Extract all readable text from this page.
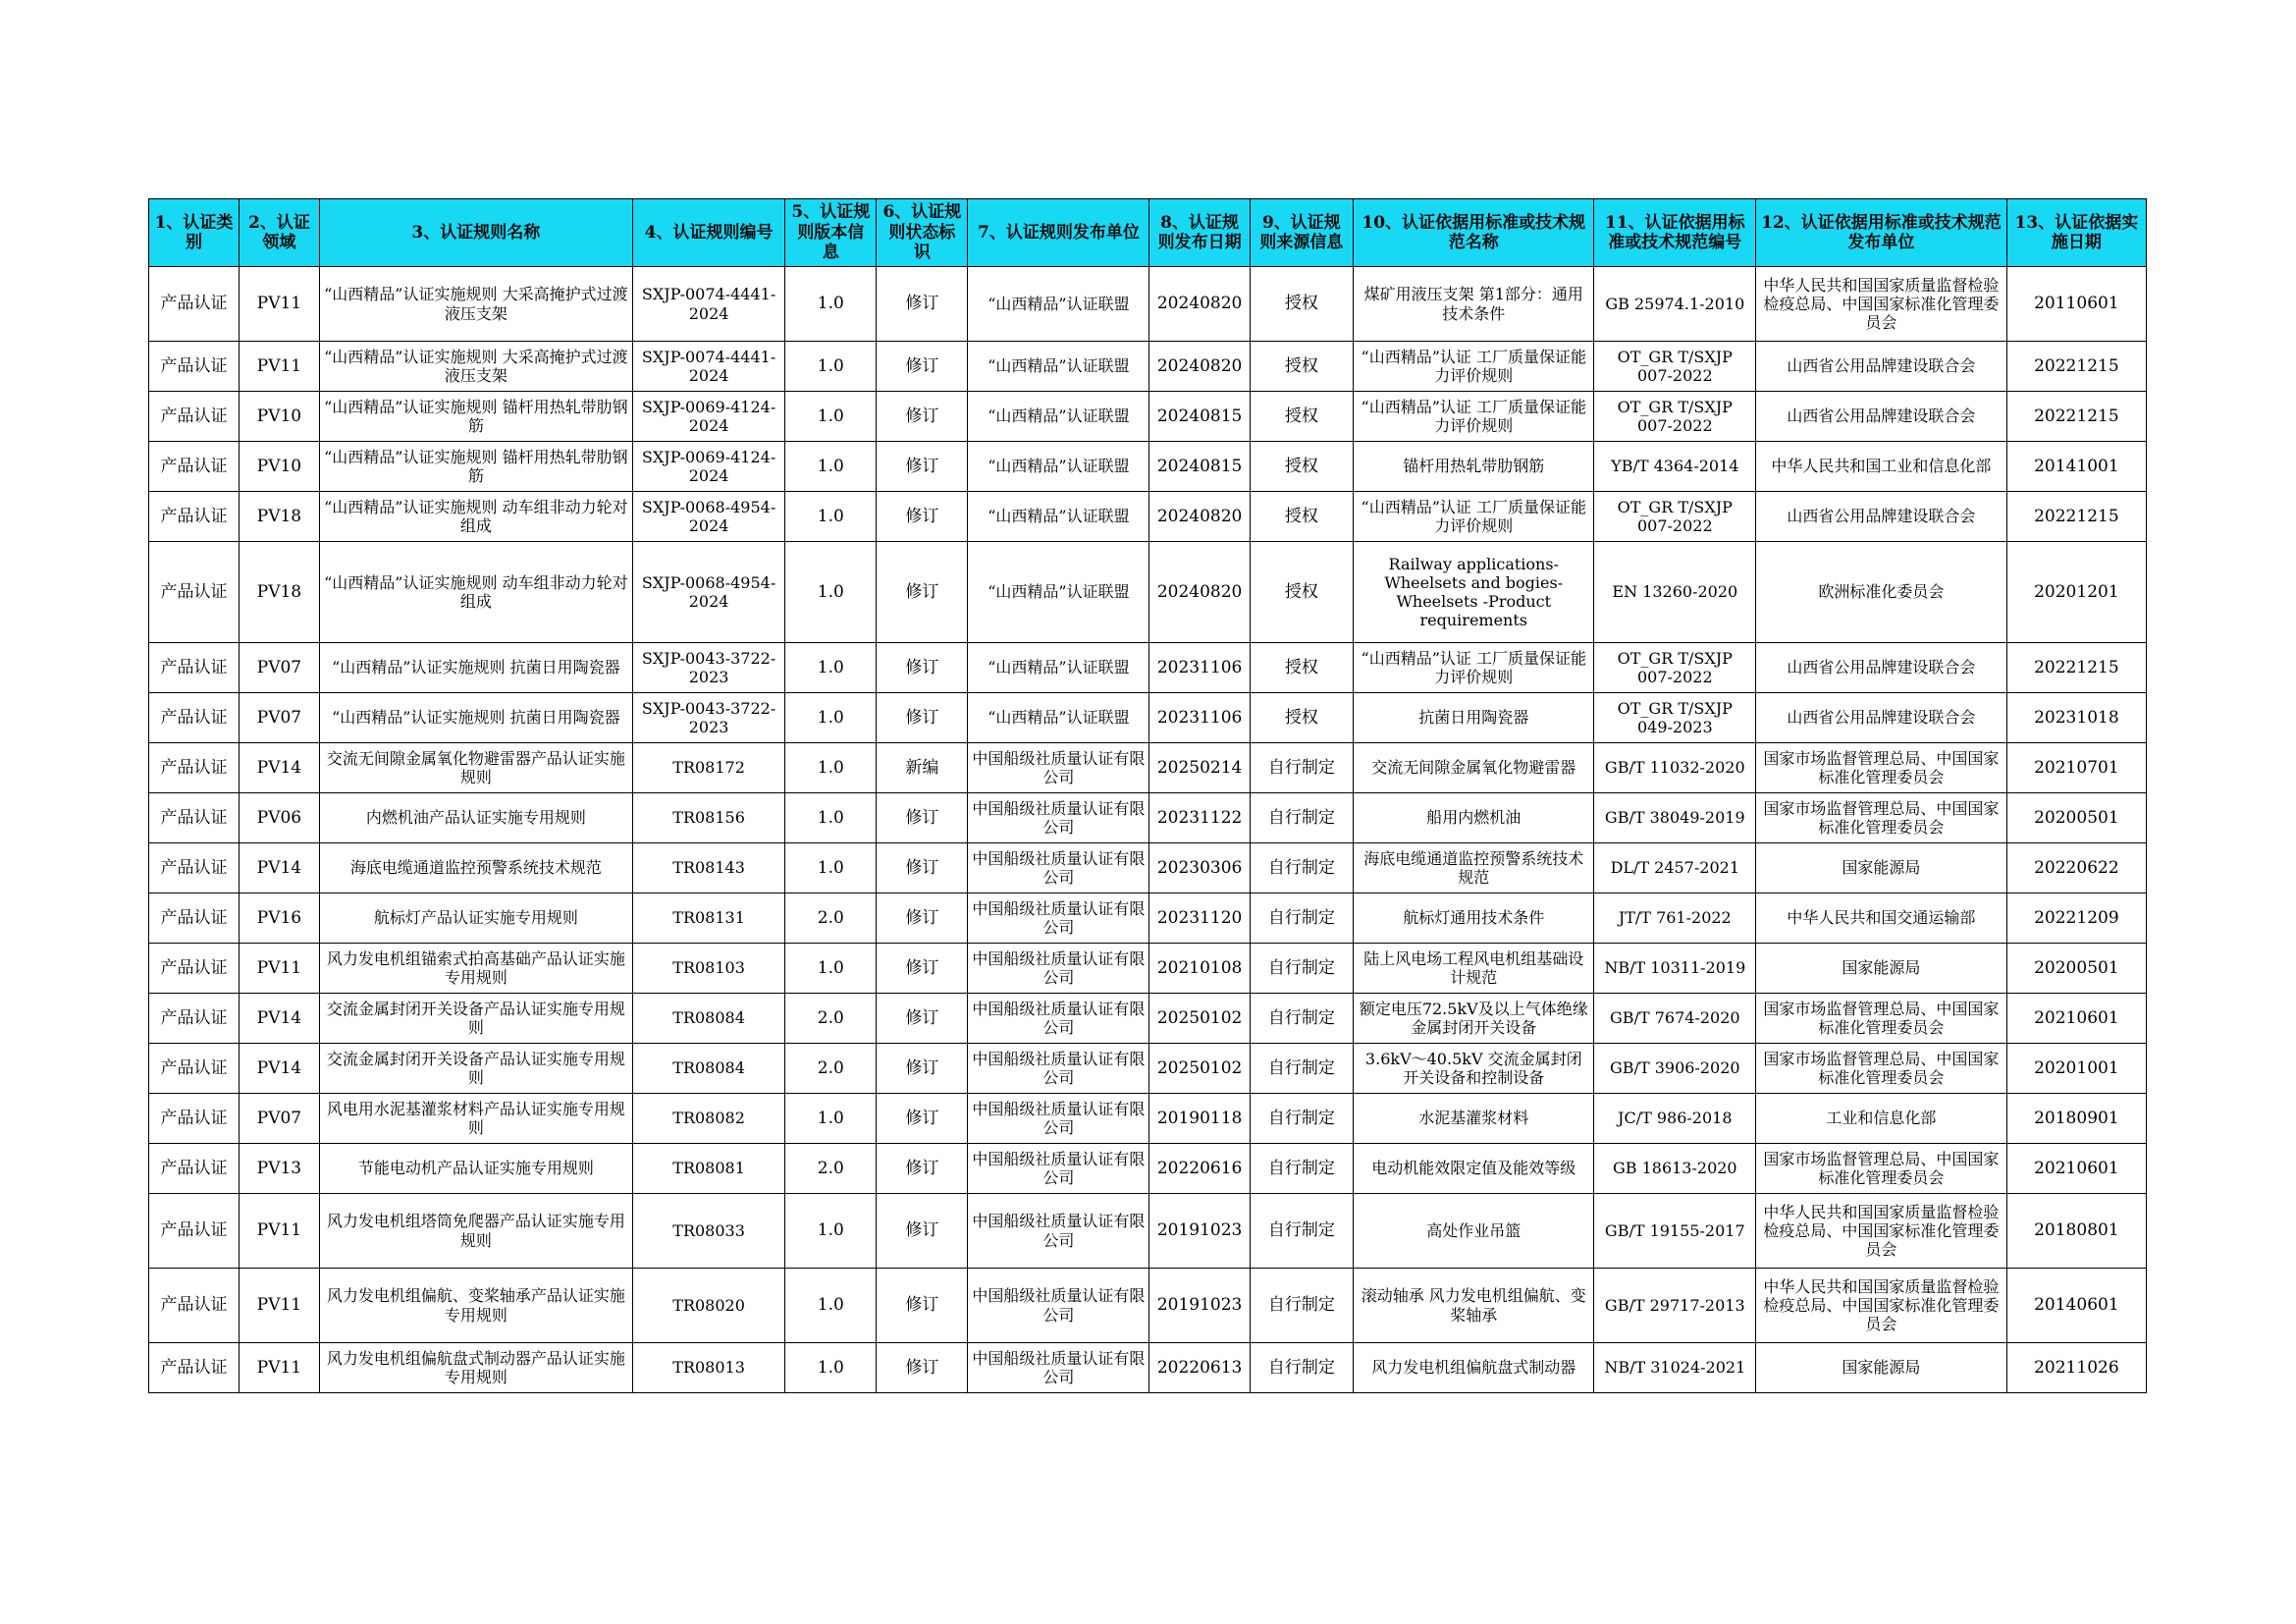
1、认证类别	2、认证领域	3、认证规则名称	4、认证规则编号	5、认证规则版本信息	6、认证规则状态标识	7、认证规则发布单位	8、认证规则发布日期	9、认证规则来源信息	10、认证依据用标准或技术规范名称	11、认证依据用标准或技术规范编号	12、认证依据用标准或技术规范发布单位	13、认证依据实施日期
产品认证	PV11	“山西精品”认证实施规则 大采高掩护式过渡液压支架	SXJP-0074-4441-2024	1.0	修订	“山西精品”认证联盟	20240820	授权	煤矿用液压支架 第1部分：通用技术条件	GB 25974.1-2010	中华人民共和国国家质量监督检验检疫总局、中国国家标准化管理委员会	20110601
产品认证	PV11	“山西精品”认证实施规则 大采高掩护式过渡液压支架	SXJP-0074-4441-2024	1.0	修订	“山西精品”认证联盟	20240820	授权	“山西精品”认证 工厂质量保证能力评价规则	OT_GR T/SXJP 007-2022	山西省公用品牌建设联合会	20221215
产品认证	PV10	“山西精品”认证实施规则 锚杆用热轧带肋钢筋	SXJP-0069-4124-2024	1.0	修订	“山西精品”认证联盟	20240815	授权	“山西精品”认证 工厂质量保证能力评价规则	OT_GR T/SXJP 007-2022	山西省公用品牌建设联合会	20221215
产品认证	PV10	“山西精品”认证实施规则 锚杆用热轧带肋钢筋	SXJP-0069-4124-2024	1.0	修订	“山西精品”认证联盟	20240815	授权	锚杆用热轧带肋钢筋	YB/T 4364-2014	中华人民共和国工业和信息化部	20141001
产品认证	PV18	“山西精品”认证实施规则 动车组非动力轮对组成	SXJP-0068-4954-2024	1.0	修订	“山西精品”认证联盟	20240820	授权	“山西精品”认证 工厂质量保证能力评价规则	OT_GR T/SXJP 007-2022	山西省公用品牌建设联合会	20221215
产品认证	PV18	“山西精品”认证实施规则 动车组非动力轮对组成	SXJP-0068-4954-2024	1.0	修订	“山西精品”认证联盟	20240820	授权	Railway applications-Wheelsets and bogies-Wheelsets -Product requirements	EN 13260-2020	欧洲标准化委员会	20201201
产品认证	PV07	“山西精品”认证实施规则 抗菌日用陶瓷器	SXJP-0043-3722-2023	1.0	修订	“山西精品”认证联盟	20231106	授权	“山西精品”认证 工厂质量保证能力评价规则	OT_GR T/SXJP 007-2022	山西省公用品牌建设联合会	20221215
产品认证	PV07	“山西精品”认证实施规则 抗菌日用陶瓷器	SXJP-0043-3722-2023	1.0	修订	“山西精品”认证联盟	20231106	授权	抗菌日用陶瓷器	OT_GR T/SXJP 049-2023	山西省公用品牌建设联合会	20231018
产品认证	PV14	交流无间隙金属氧化物避雷器产品认证实施规则	TR08172	1.0	新编	中国船级社质量认证有限公司	20250214	自行制定	交流无间隙金属氧化物避雷器	GB/T 11032-2020	国家市场监督管理总局、中国国家标准化管理委员会	20210701
产品认证	PV06	内燃机油产品认证实施专用规则	TR08156	1.0	修订	中国船级社质量认证有限公司	20231122	自行制定	船用内燃机油	GB/T 38049-2019	国家市场监督管理总局、中国国家标准化管理委员会	20200501
产品认证	PV14	海底电缆通道监控预警系统技术规范	TR08143	1.0	修订	中国船级社质量认证有限公司	20230306	自行制定	海底电缆通道监控预警系统技术规范	DL/T 2457-2021	国家能源局	20220622
产品认证	PV16	航标灯产品认证实施专用规则	TR08131	2.0	修订	中国船级社质量认证有限公司	20231120	自行制定	航标灯通用技术条件	JT/T 761-2022	中华人民共和国交通运输部	20221209
产品认证	PV11	风力发电机组锚索式拍高基础产品认证实施专用规则	TR08103	1.0	修订	中国船级社质量认证有限公司	20210108	自行制定	陆上风电场工程风电机组基础设计规范	NB/T 10311-2019	国家能源局	20200501
产品认证	PV14	交流金属封闭开关设备产品认证实施专用规则	TR08084	2.0	修订	中国船级社质量认证有限公司	20250102	自行制定	额定电压72.5kV及以上气体绝缘金属封闭开关设备	GB/T 7674-2020	国家市场监督管理总局、中国国家标准化管理委员会	20210601
产品认证	PV14	交流金属封闭开关设备产品认证实施专用规则	TR08084	2.0	修订	中国船级社质量认证有限公司	20250102	自行制定	3.6kV～40.5kV 交流金属封闭开关设备和控制设备	GB/T 3906-2020	国家市场监督管理总局、中国国家标准化管理委员会	20201001
产品认证	PV07	风电用水泥基灌浆材料产品认证实施专用规则	TR08082	1.0	修订	中国船级社质量认证有限公司	20190118	自行制定	水泥基灌浆材料	JC/T 986-2018	工业和信息化部	20180901
产品认证	PV13	节能电动机产品认证实施专用规则	TR08081	2.0	修订	中国船级社质量认证有限公司	20220616	自行制定	电动机能效限定值及能效等级	GB 18613-2020	国家市场监督管理总局、中国国家标准化管理委员会	20210601
产品认证	PV11	风力发电机组塔筒免爬器产品认证实施专用规则	TR08033	1.0	修订	中国船级社质量认证有限公司	20191023	自行制定	高处作业吊篮	GB/T 19155-2017	中华人民共和国国家质量监督检验检疫总局、中国国家标准化管理委员会	20180801
产品认证	PV11	风力发电机组偏航、变桨轴承产品认证实施专用规则	TR08020	1.0	修订	中国船级社质量认证有限公司	20191023	自行制定	滚动轴承 风力发电机组偏航、变桨轴承	GB/T 29717-2013	中华人民共和国国家质量监督检验检疫总局、中国国家标准化管理委员会	20140601
产品认证	PV11	风力发电机组偏航盘式制动器产品认证实施专用规则	TR08013	1.0	修订	中国船级社质量认证有限公司	20220613	自行制定	风力发电机组偏航盘式制动器	NB/T 31024-2021	国家能源局	20211026
